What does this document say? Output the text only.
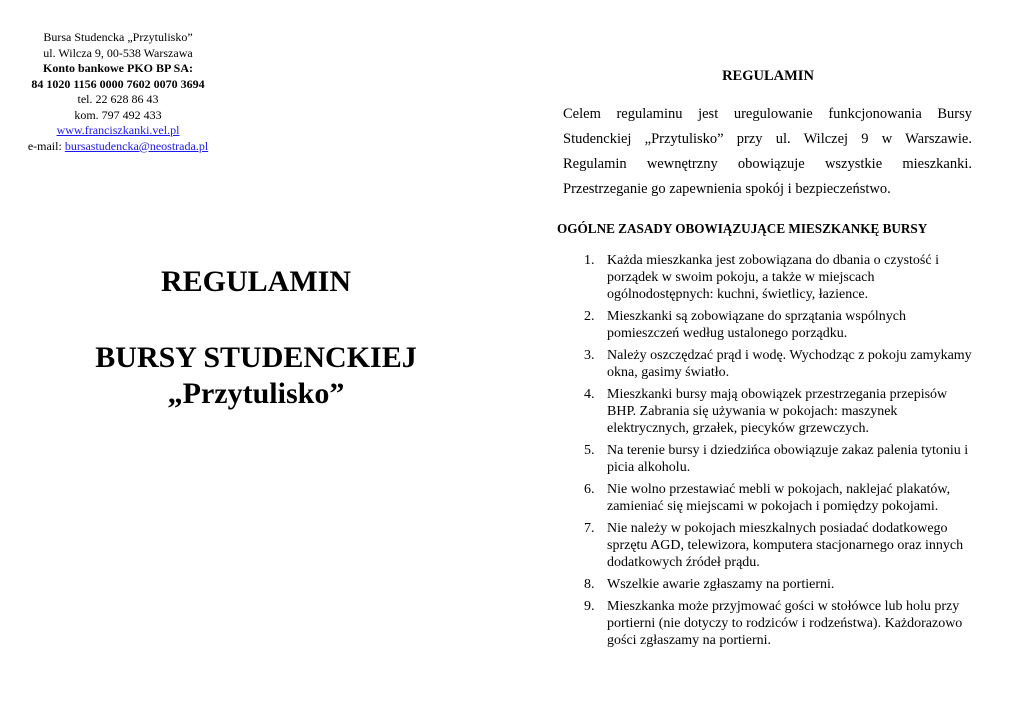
Bursa Studencka „Przytulisko”
ul. Wilcza 9, 00-538 Warszawa
Konto bankowe PKO BP SA:
84 1020 1156 0000 7602 0070 3694
tel. 22 628 86 43
kom. 797 492 433
www.franciszkanki.vel.pl
e-mail: bursastudencka@neostrada.pl
REGULAMIN
BURSY STUDENCKIEJ
„Przytulisko”
REGULAMIN
Celem regulaminu jest uregulowanie funkcjonowania Bursy Studenckiej „Przytulisko” przy ul. Wilczej 9 w Warszawie. Regulamin wewnętrzny obowiązuje wszystkie mieszkanki. Przestrzeganie go zapewnienia spokój i bezpieczeństwo.
OGÓLNE ZASADY OBOWIĄZUJĄCE MIESZKANKĘ BURSY
1. Każda mieszkanka jest zobowiązana do dbania o czystość i porządek w swoim pokoju, a także w miejscach ogólnodostępnych: kuchni, świetlicy, łazience.
2. Mieszkanki są zobowiązane do sprzątania wspólnych pomieszczeń według ustalonego porządku.
3. Należy oszczędzać prąd i wodę. Wychodząc z pokoju zamykamy okna, gasimy światło.
4. Mieszkanki bursy mają obowiązek przestrzegania przepisów BHP. Zabrania się używania w pokojach: maszynek elektrycznych, grzałek, piecyków grzewczych.
5. Na terenie bursy i dziedzińca obowiązuje zakaz palenia tytoniu i picia alkoholu.
6. Nie wolno przestawiać mebli w pokojach, naklejać plakatów, zamieniać się miejscami w pokojach i pomiędzy pokojami.
7. Nie należy w pokojach mieszkalnych posiadać dodatkowego sprzętu AGD, telewizora, komputera stacjonarnego oraz innych dodatkowych źródeł prądu.
8. Wszelkie awarie zgłaszamy na portierni.
9. Mieszkanka może przyjmować gości w stołówce lub holu przy portierni (nie dotyczy to rodziców i rodzeństwa). Każdorazowo gości zgłaszamy na portierni.
